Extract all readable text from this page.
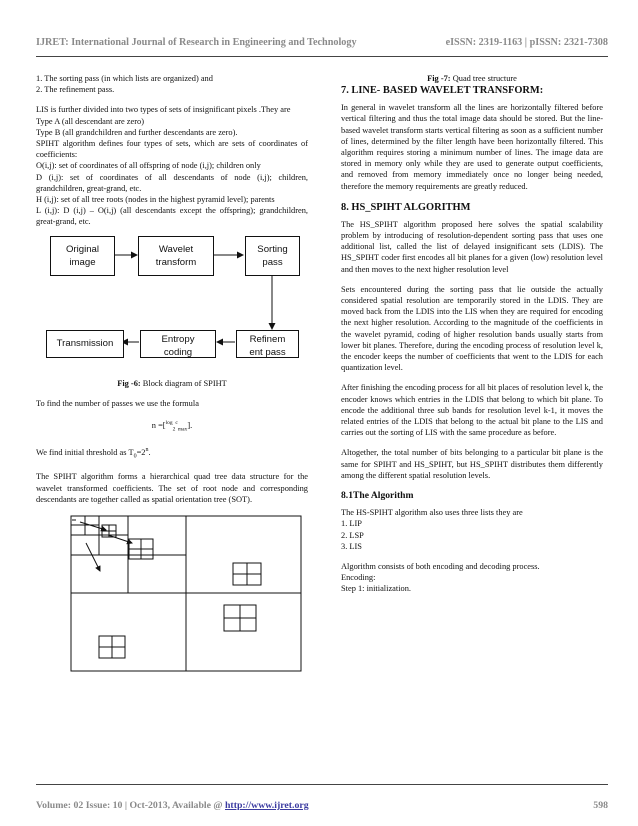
IJRET: International Journal of Research in Engineering and Technology	eISSN: 2319-1163 | pISSN: 2321-7308

1. The sorting pass (in which lists are organized) and

2. The refinement pass.

LIS is further divided into two types of sets of insignificant pixels .They are

Type A (all descendant are zero)

Type B (all grandchildren and further descendants are zero).

SPIHT algorithm defines four types of sets, which are sets of coordinates of coefficients:

O(i,j): set of coordinates of all offspring of node (i,j); children only

D (i,j): set of coordinates of all descendants of node (i,j); children, grandchildren, great-grand, etc.

H (i,j): set of all tree roots (nodes in the highest pyramid level); parents

L (i,j): D (i,j) – O(i,j) (all descendants except the offspring); grandchildren, great-grand, etc.

Original
image
Wavelet
transform
Sorting
pass
Transmission	Entropy
coding
Refinem
ent pass

Fig -6: Block diagram of SPIHT

To find the number of passes we use the formula

n =[$^{log}_2^c_{max}$].

We find initial threshold as $T_0=2^n$.

The SPIHT algorithm forms a hierarchical quad tree data structure for the wavelet transformed coefficients. The set of root node and corresponding descendants are together called as spatial orientation tree (SOT).

Fig -7: Quad tree structure

7. LINE- BASED WAVELET TRANSFORM:

In general in wavelet transform all the lines are horizontally filtered before vertical filtering and thus the total image data should be stored. But the line-based wavelet transform starts vertical filtering as soon as a sufficient number of lines, determined by the filter length have been horizontally filtered. This algorithm requires storing a minimum number of lines. The image data are stored in memory only while they are used to generate output coefficients, and removed from memory immediately once no longer being needed, therefore the memory requirements are greatly reduced.

8. HS_SPIHT ALGORITHM

The HS_SPIHT algorithm proposed here solves the spatial scalability problem by introducing of resolution-dependent sorting pass that uses one additional list, called the list of delayed insignificant sets (LDIS). The HS_SPIHT coder first encodes all bit planes for a given (low) resolution level and then moves to the next higher resolution level

Sets encountered during the sorting pass that lie outside the actually considered spatial resolution are temporarily stored in the LDIS. They are moved back from the LDIS into the LIS when they are required for encoding the next higher resolution. According to the magnitude of the coefficients in the wavelet pyramid, coding of higher resolution bands usually starts from lower bit planes. Therefore, during the encoding process of resolution level k, the encoder keeps the number of coefficients that went to the LDIS for each quantization level.

After finishing the encoding process for all bit places of resolution level k, the encoder knows which entries in the LDIS that belong to which bit plane. To encode the additional three sub bands for resolution level k-1, it moves the related entries of the LDIS that belong to the actual bit plane to the LIS and carries out the sorting of LIS with the same procedure as before.

Altogether, the total number of bits belonging to a particular bit plane is the same for SPIHT and HS_SPIHT, but HS_SPIHT distributes them differently among the different spatial resolution levels.

8.1The Algorithm

The HS-SPIHT algorithm also uses three lists they are

1. LIP

2. LSP

3. LIS

Algorithm consists of both encoding and decoding process.

Encoding:

Step 1: initialization.

Volume: 02 Issue: 10 | Oct-2013, Available @ http://www.ijret.org	598
